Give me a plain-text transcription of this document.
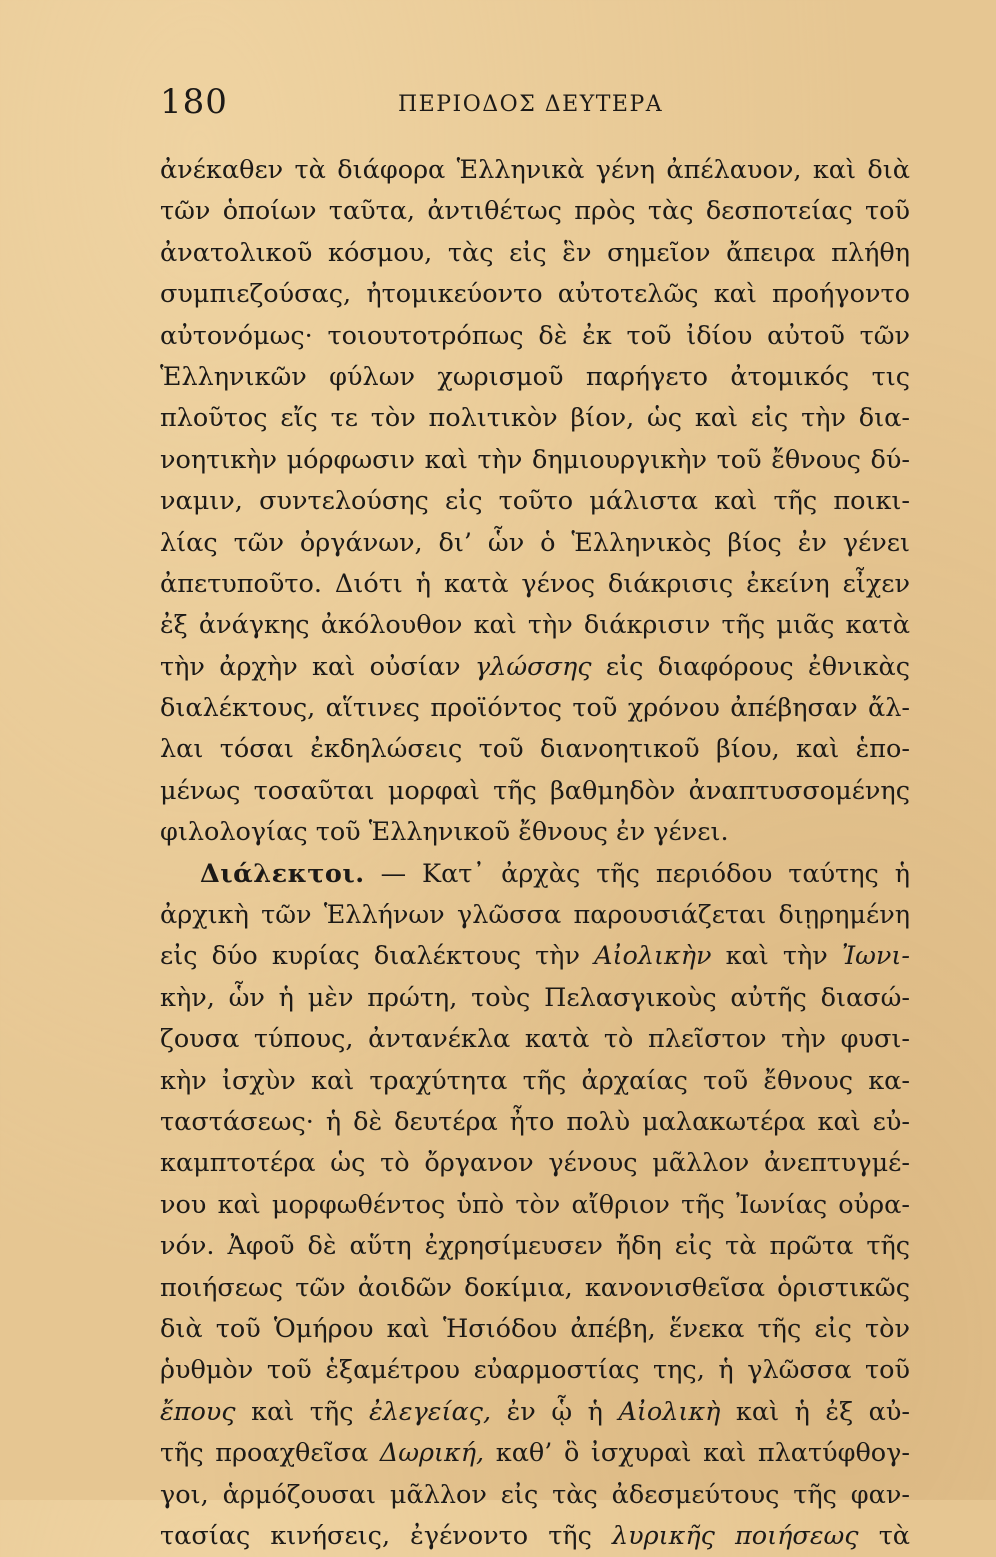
180	ΠΕΡΙΟΔΟΣ ΔΕΥΤΕΡΑ
ἀνέκαθεν τὰ διάφορα Ἑλληνικὰ γένη ἀπέλαυον, καὶ διὰ
τῶν ὁποίων ταῦτα, ἀντιθέτως πρὸς τὰς δεσποτείας τοῦ
ἀνατολικοῦ κόσμου, τὰς εἰς ἓν σημεῖον ἄπειρα πλήθη
συμπιεζούσας, ἠτομικεύοντο αὐτοτελῶς καὶ προήγοντο
αὐτονόμως· τοιουτοτρόπως δὲ ἐκ τοῦ ἰδίου αὐτοῦ τῶν
Ἑλληνικῶν φύλων χωρισμοῦ παρήγετο ἀτομικός τις
πλοῦτος εἴς τε τὸν πολιτικὸν βίον, ὡς καὶ εἰς τὴν δια-
νοητικὴν μόρφωσιν καὶ τὴν δημιουργικὴν τοῦ ἔθνους δύ-
ναμιν, συντελούσης εἰς τοῦτο μάλιστα καὶ τῆς ποικι-
λίας τῶν ὀργάνων, δι’ ὧν ὁ Ἑλληνικὸς βίος ἐν γένει
ἀπετυποῦτο. Διότι ἡ κατὰ γένος διάκρισις ἐκείνη εἶχεν
ἐξ ἀνάγκης ἀκόλουθον καὶ τὴν διάκρισιν τῆς μιᾶς κατὰ
τὴν ἀρχὴν καὶ οὐσίαν γλώσσης εἰς διαφόρους ἐθνικὰς
διαλέκτους, αἵτινες προϊόντος τοῦ χρόνου ἀπέβησαν ἄλ-
λαι τόσαι ἐκδηλώσεις τοῦ διανοητικοῦ βίου, καὶ ἑπο-
μένως τοσαῦται μορφαὶ τῆς βαθμηδὸν ἀναπτυσσομένης
φιλολογίας τοῦ Ἑλληνικοῦ ἔθνους ἐν γένει.
Διάλεκτοι. — Κατ᾽ ἀρχὰς τῆς περιόδου ταύτης ἡ
ἀρχικὴ τῶν Ἑλλήνων γλῶσσα παρουσιάζεται διῃρημένη
εἰς δύο κυρίας διαλέκτους τὴν Αἰολικὴν καὶ τὴν Ἰωνι-
κὴν, ὧν ἡ μὲν πρώτη, τοὺς Πελασγικοὺς αὐτῆς διασώ-
ζουσα τύπους, ἀντανέκλα κατὰ τὸ πλεῖστον τὴν φυσι-
κὴν ἰσχὺν καὶ τραχύτητα τῆς ἀρχαίας τοῦ ἔθνους κα-
ταστάσεως· ἡ δὲ δευτέρα ἦτο πολὺ μαλακωτέρα καὶ εὐ-
καμπτοτέρα ὡς τὸ ὄργανον γένους μᾶλλον ἀνεπτυγμέ-
νου καὶ μορφωθέντος ὑπὸ τὸν αἴθριον τῆς Ἰωνίας οὐρα-
νόν. Ἀφοῦ δὲ αὕτη ἐχρησίμευσεν ἤδη εἰς τὰ πρῶτα τῆς
ποιήσεως τῶν ἀοιδῶν δοκίμια, κανονισθεῖσα ὁριστικῶς
διὰ τοῦ Ὁμήρου καὶ Ἡσιόδου ἀπέβη, ἕνεκα τῆς εἰς τὸν
ῥυθμὸν τοῦ ἑξαμέτρου εὐαρμοστίας της, ἡ γλῶσσα τοῦ
ἔπους καὶ τῆς ἐλεγείας, ἐν ᾧ ἡ Αἰολικὴ καὶ ἡ ἐξ αὐ-
τῆς προαχθεῖσα Δωρική, καθ’ ὃ ἰσχυραὶ καὶ πλατύφθογ-
γοι, ἁρμόζουσαι μᾶλλον εἰς τὰς ἀδεσμεύτους τῆς φαν-
τασίας κινήσεις, ἐγένοντο τῆς λυρικῆς ποιήσεως τὰ
